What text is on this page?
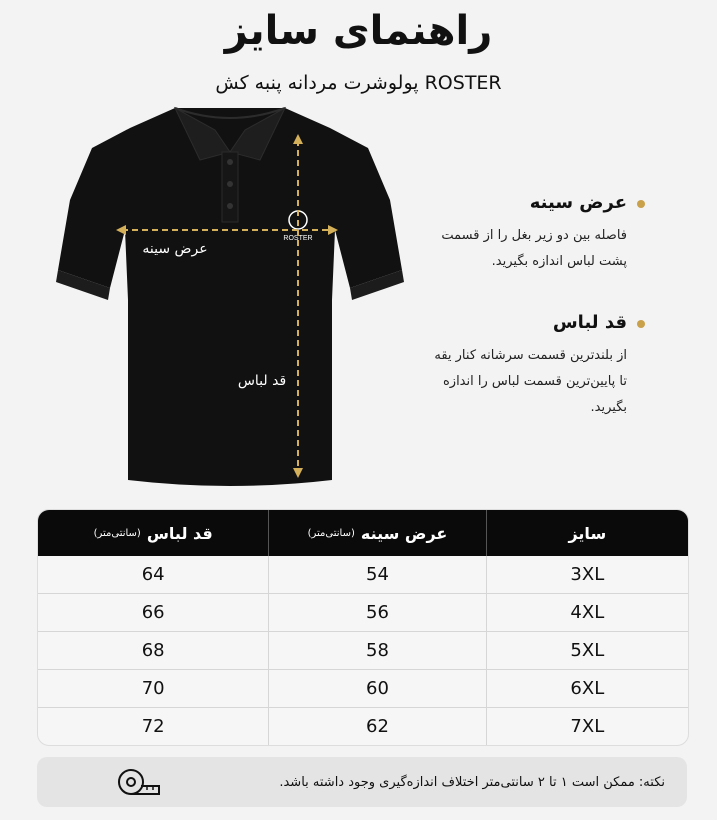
راهنمای سایز
پولوشرت مردانه پنبه کش ROSTER
ROSTER
عرض سینه
قد لباس
عرض سینه
فاصله بین دو زیر بغل را از قسمت پشت لباس اندازه بگیرید.
قد لباس
از بلندترین قسمت سرشانه کنار یقه تا پایین‌ترین قسمت لباس را اندازه بگیرید.
سایز
عرض سینه
(سانتی‌متر)
قد لباس
(سانتی‌متر)
3XL
54
64
4XL
56
66
5XL
58
68
6XL
60
70
7XL
62
72
نکته: ممکن است ۱ تا ۲ سانتی‌متر اختلاف اندازه‌گیری وجود داشته باشد.
